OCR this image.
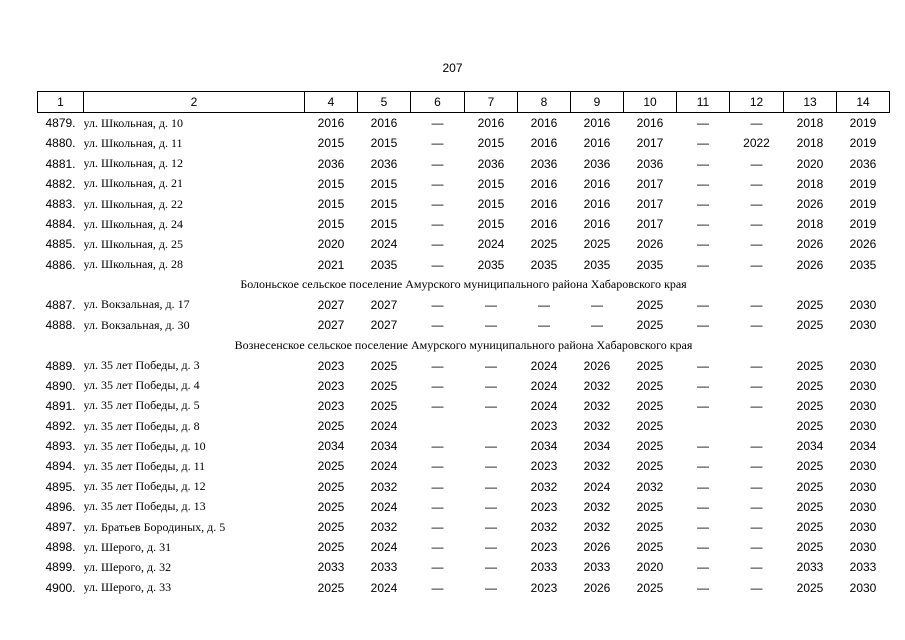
207
1	2	4	5	6	7	8	9	10	11	12	13	14
4879.	ул. Школьная, д. 10	2016	2016	—	2016	2016	2016	2016	—	—	2018	2019
4880.	ул. Школьная, д. 11	2015	2015	—	2015	2016	2016	2017	—	2022	2018	2019
4881.	ул. Школьная, д. 12	2036	2036	—	2036	2036	2036	2036	—	—	2020	2036
4882.	ул. Школьная, д. 21	2015	2015	—	2015	2016	2016	2017	—	—	2018	2019
4883.	ул. Школьная, д. 22	2015	2015	—	2015	2016	2016	2017	—	—	2026	2019
4884.	ул. Школьная, д. 24	2015	2015	—	2015	2016	2016	2017	—	—	2018	2019
4885.	ул. Школьная, д. 25	2020	2024	—	2024	2025	2025	2026	—	—	2026	2026
4886.	ул. Школьная, д. 28	2021	2035	—	2035	2035	2035	2035	—	—	2026	2035
Болоньское сельское поселение Амурского муниципального района Хабаровского края												
4887.	ул. Вокзальная, д. 17	2027	2027	—	—	—	—	2025	—	—	2025	2030
4888.	ул. Вокзальная, д. 30	2027	2027	—	—	—	—	2025	—	—	2025	2030
Вознесенское сельское поселение Амурского муниципального района Хабаровского края												
4889.	ул. 35 лет Победы, д. 3	2023	2025	—	—	2024	2026	2025	—	—	2025	2030
4890.	ул. 35 лет Победы, д. 4	2023	2025	—	—	2024	2032	2025	—	—	2025	2030
4891.	ул. 35 лет Победы, д. 5	2023	2025	—	—	2024	2032	2025	—	—	2025	2030
4892.	ул. 35 лет Победы, д. 8	2025	2024			2023	2032	2025			2025	2030
4893.	ул. 35 лет Победы, д. 10	2034	2034	—	—	2034	2034	2025	—	—	2034	2034
4894.	ул. 35 лет Победы, д. 11	2025	2024	—	—	2023	2032	2025	—	—	2025	2030
4895.	ул. 35 лет Победы, д. 12	2025	2032	—	—	2032	2024	2032	—	—	2025	2030
4896.	ул. 35 лет Победы, д. 13	2025	2024	—	—	2023	2032	2025	—	—	2025	2030
4897.	ул. Братьев Бородиных, д. 5	2025	2032	—	—	2032	2032	2025	—	—	2025	2030
4898.	ул. Шерого, д. 31	2025	2024	—	—	2023	2026	2025	—	—	2025	2030
4899.	ул. Шерого, д. 32	2033	2033	—	—	2033	2033	2020	—	—	2033	2033
4900.	ул. Шерого, д. 33	2025	2024	—	—	2023	2026	2025	—	—	2025	2030
